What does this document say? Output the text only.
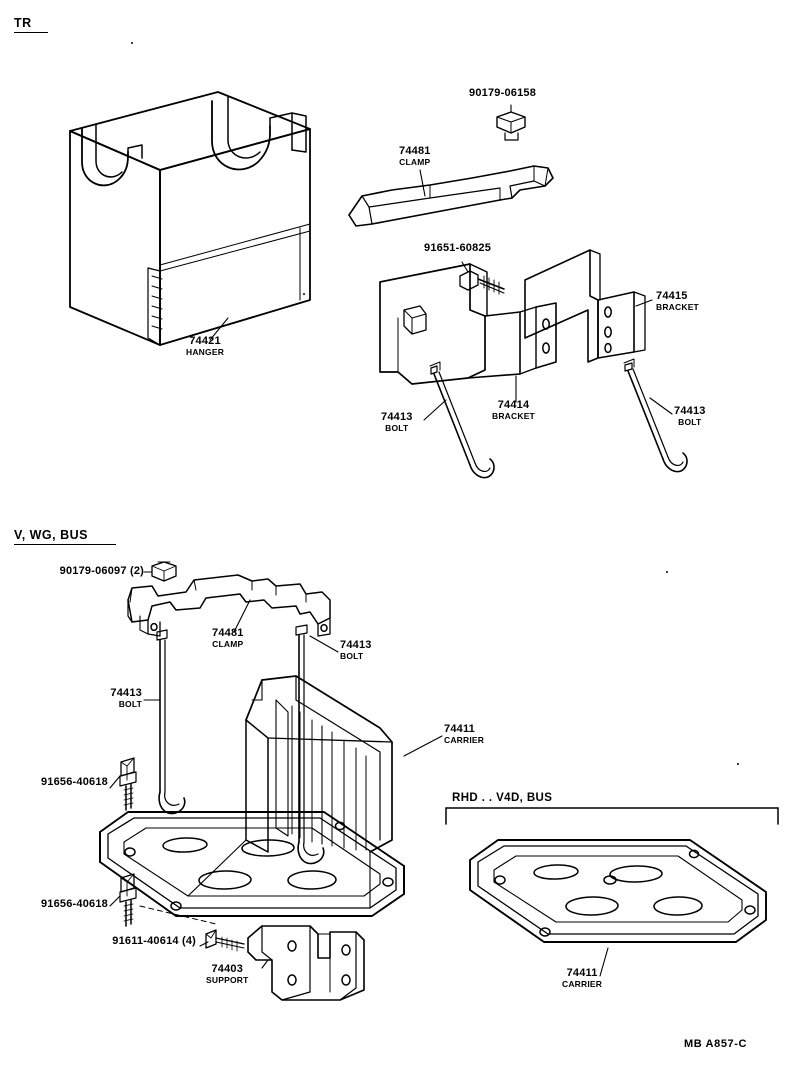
TR
V, WG, BUS
RHD . . V4D, BUS
MB A857-C
90179-06158
74481
CLAMP
74421
HANGER
91651-60825
74415
BRACKET
74414
BRACKET
74413
BOLT
74413
BOLT
90179-06097 (2)
74481
CLAMP	74413
BOLT
74413
BOLT
74411
CARRIER
91656-40618
91656-40618
91611-40614 (4)
74403
SUPPORT
74411
CARRIER
